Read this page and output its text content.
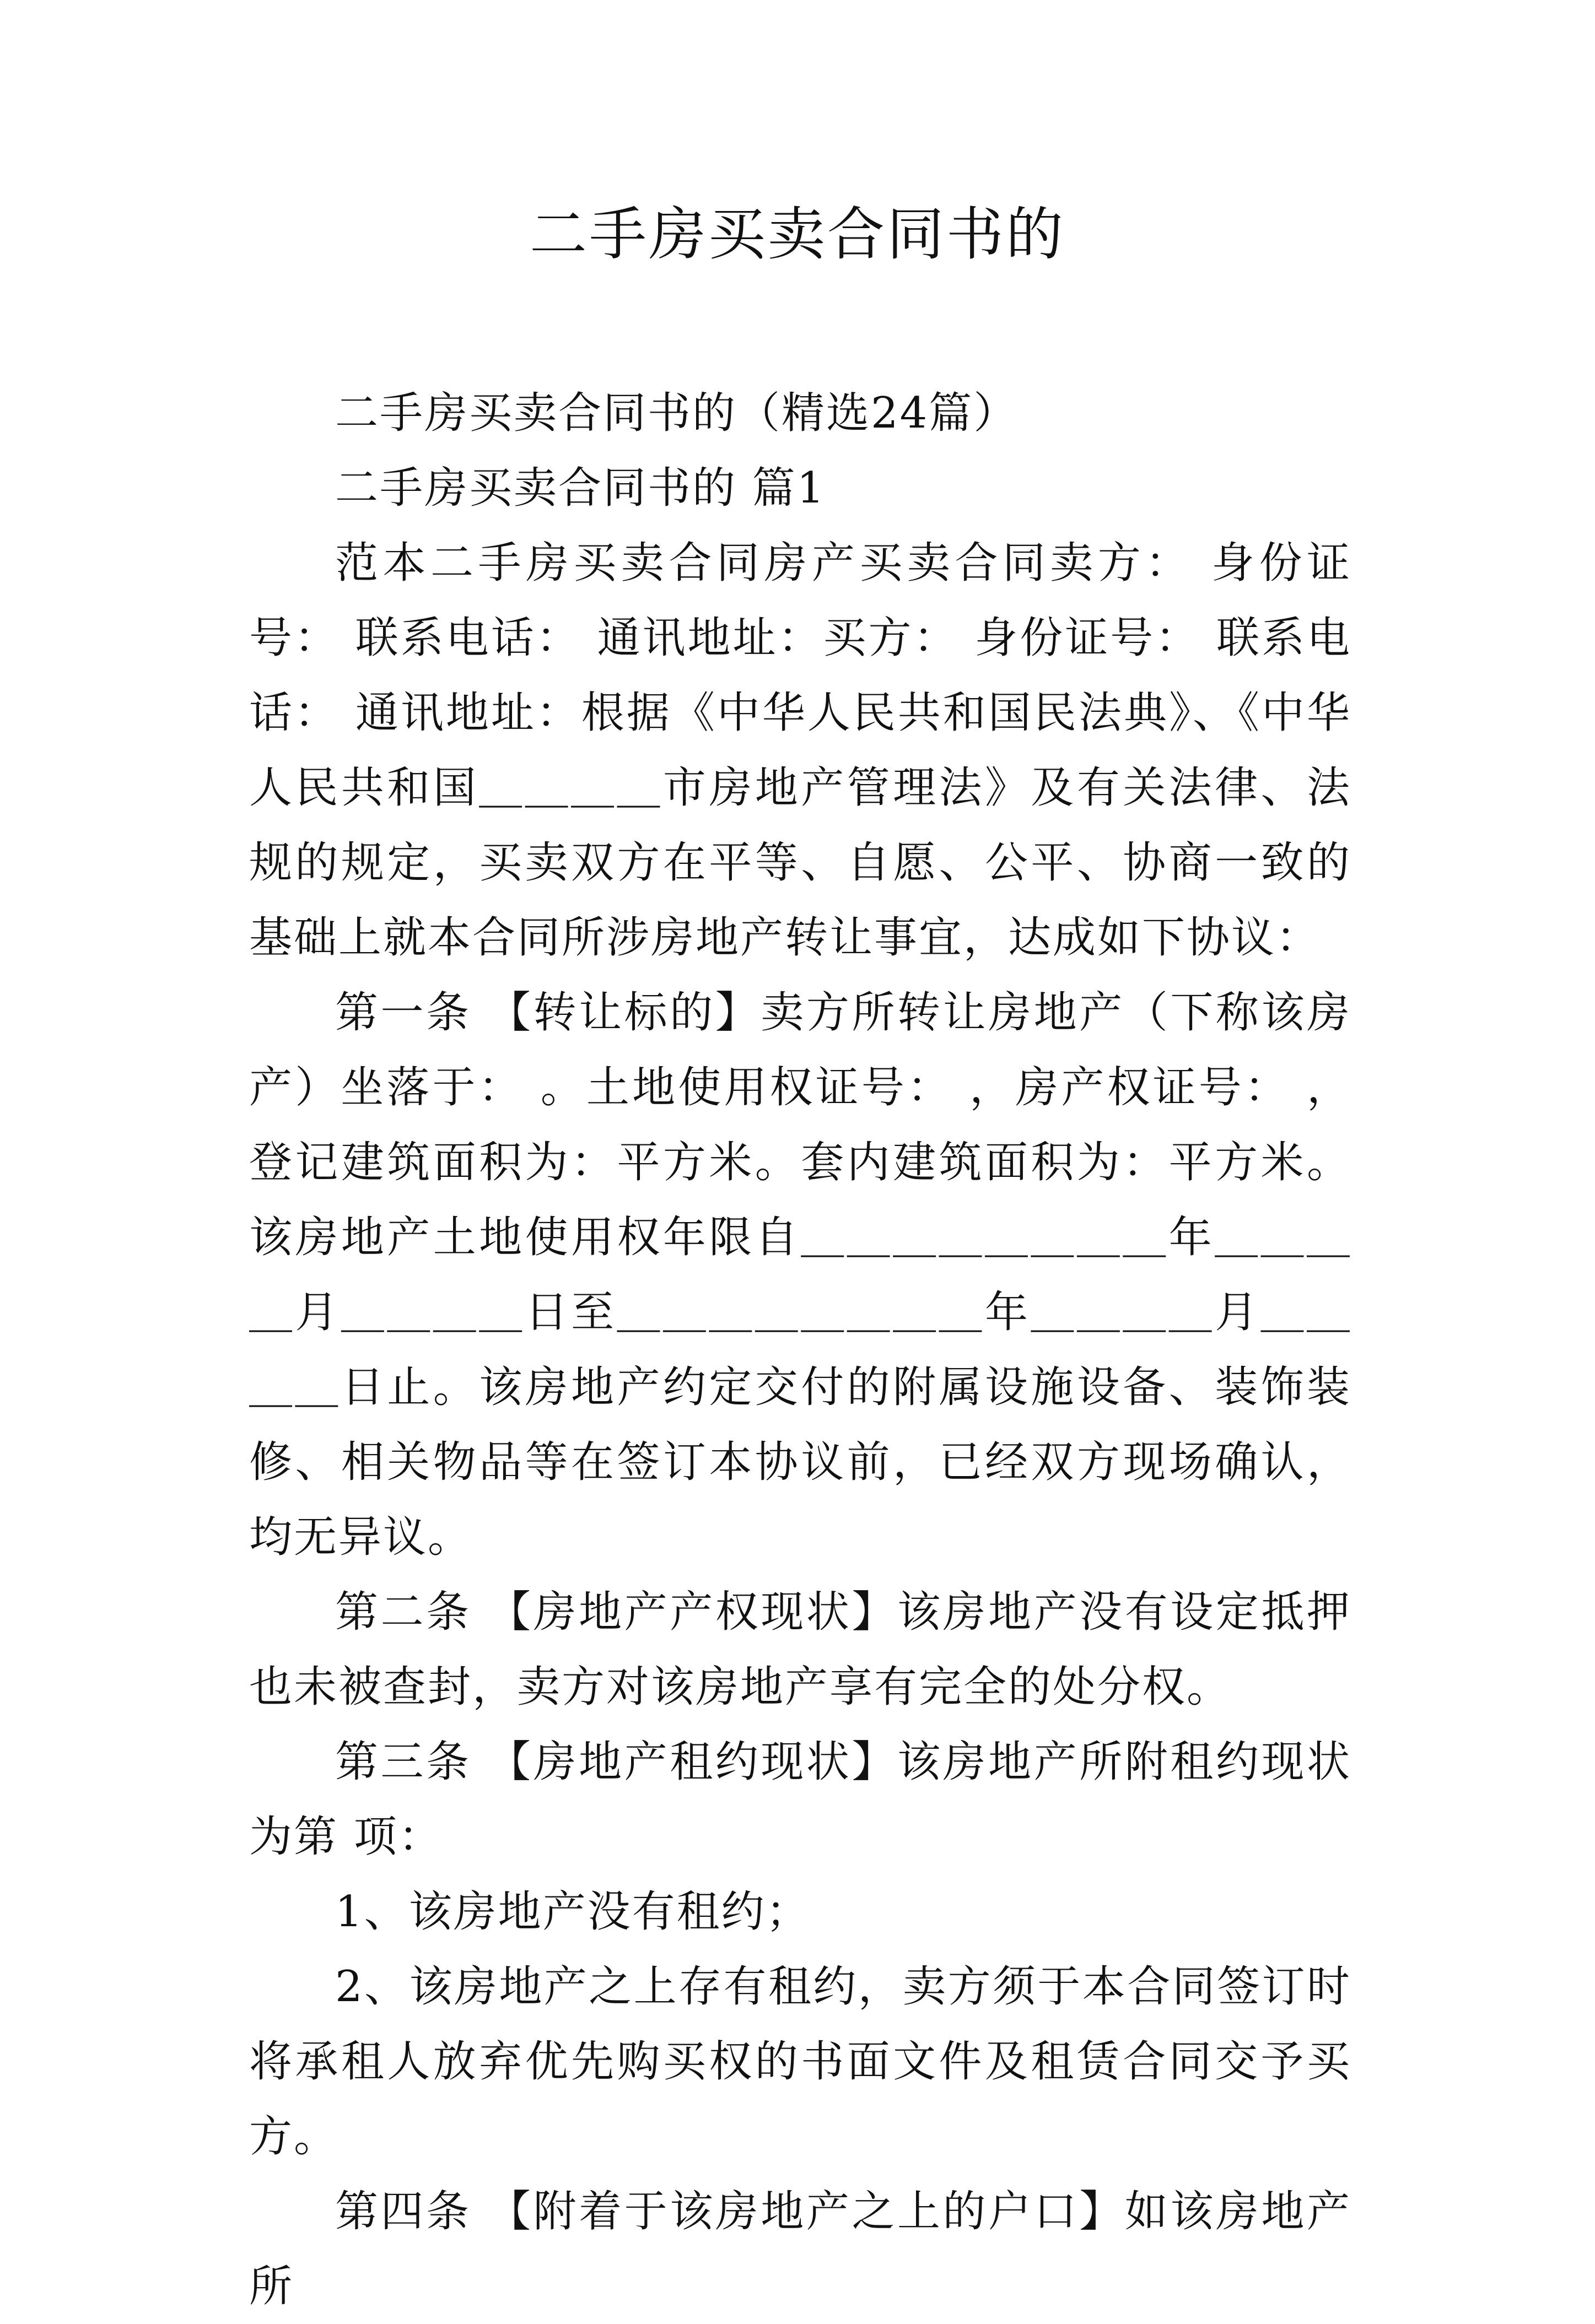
二手房买卖合同书的

二手房买卖合同书的（精选24篇）

二手房买卖合同书的 篇1

范本二手房买卖合同房产买卖合同卖方： 身份证号： 联系电话： 通讯地址：买方： 身份证号： 联系电话： 通讯地址：根据《中华人民共和国民法典》、《中华人民共和国＿＿＿＿市房地产管理法》及有关法律、法规的规定，买卖双方在平等、自愿、公平、协商一致的基础上就本合同所涉房地产转让事宜，达成如下协议：

第一条 【转让标的】卖方所转让房地产（下称该房产）坐落于： 。土地使用权证号： ，房产权证号： ，登记建筑面积为：平方米。套内建筑面积为：平方米。该房地产土地使用权年限自＿＿＿＿＿＿＿＿年＿＿＿＿月＿＿＿＿日至＿＿＿＿＿＿＿＿年＿＿＿＿月＿＿＿＿日止。该房地产约定交付的附属设施设备、装饰装修、相关物品等在签订本协议前，已经双方现场确认，均无异议。

第二条 【房地产产权现状】该房地产没有设定抵押也未被查封，卖方对该房地产享有完全的处分权。

第三条 【房地产租约现状】该房地产所附租约现状为第 项：

1、该房地产没有租约；

2、该房地产之上存有租约，卖方须于本合同签订时将承租人放弃优先购买权的书面文件及租赁合同交予买方。

第四条 【附着于该房地产之上的户口】如该房地产所
